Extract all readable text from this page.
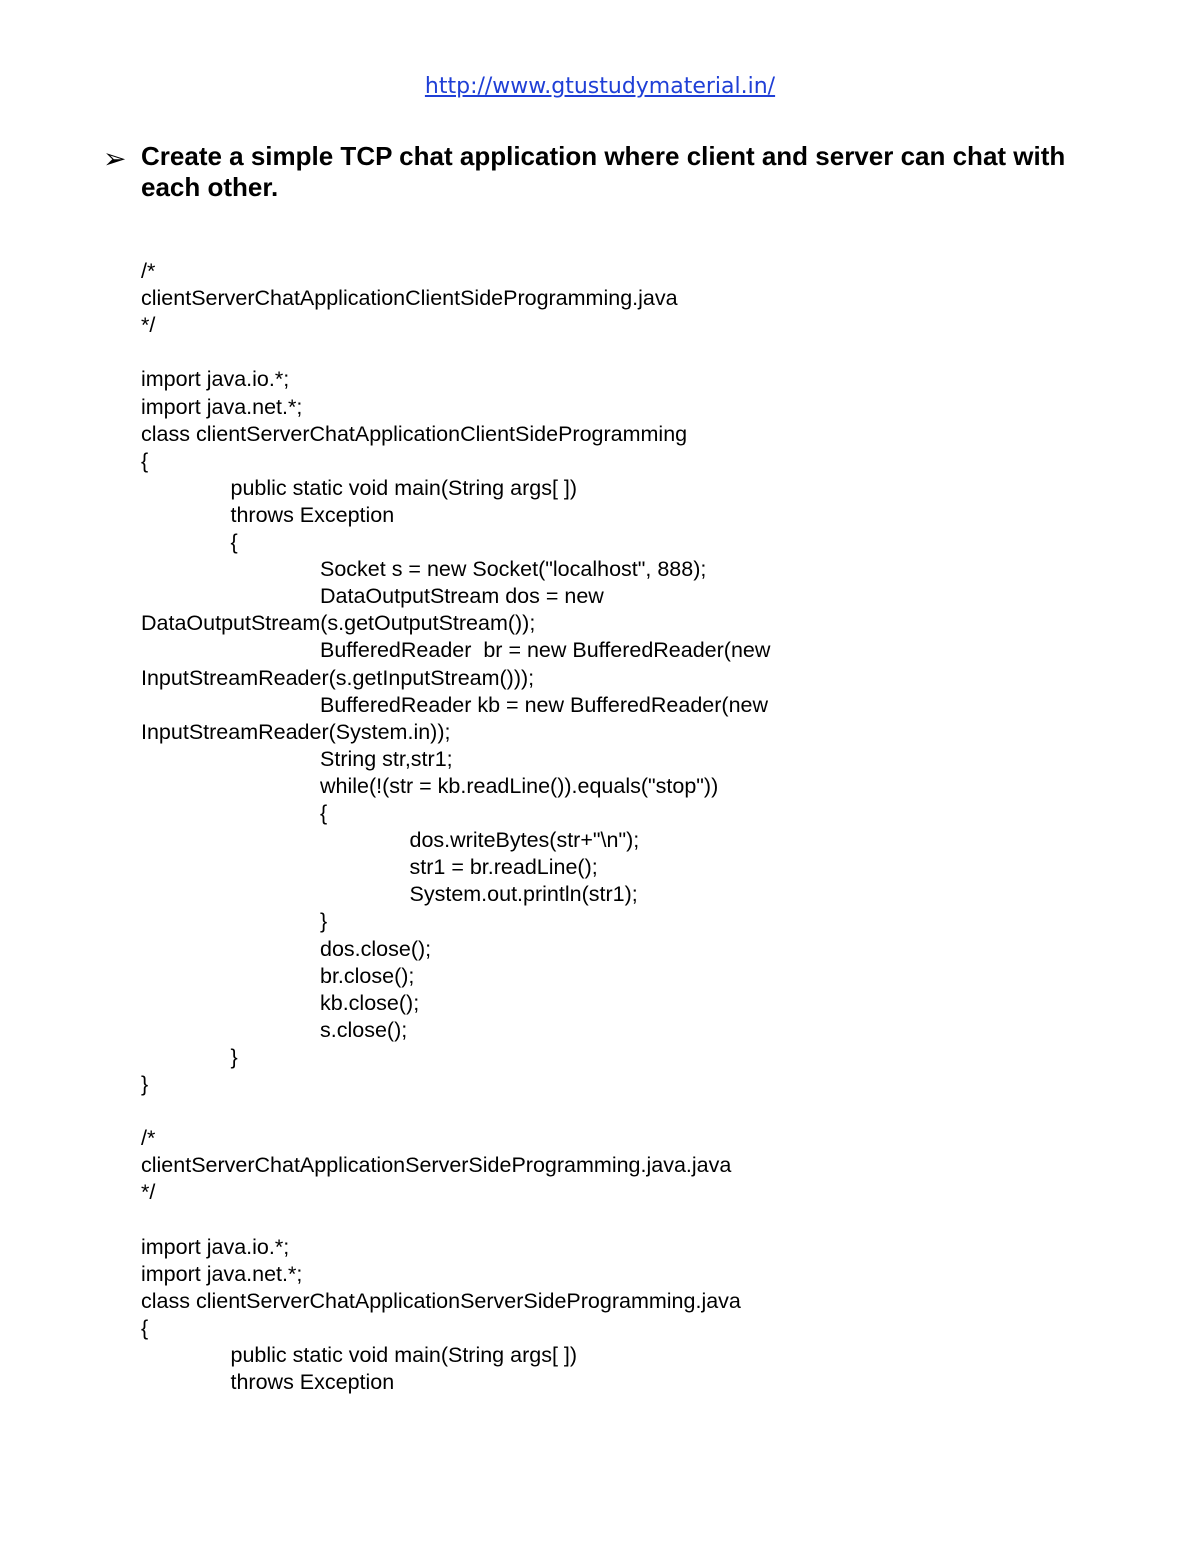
http://www.gtustudymaterial.in/
➢ Create a simple TCP chat application where client and server can chat with each other.
/*
clientServerChatApplicationClientSideProgramming.java
*/
import java.io.*;
import java.net.*;
class clientServerChatApplicationClientSideProgramming
{
public static void main(String args[ ])
throws Exception
{
Socket s = new Socket("localhost", 888);
DataOutputStream dos = new
DataOutputStream(s.getOutputStream());
BufferedReader  br = new BufferedReader(new
InputStreamReader(s.getInputStream()));
BufferedReader kb = new BufferedReader(new
InputStreamReader(System.in));
String str,str1;
while(!(str = kb.readLine()).equals("stop"))
{
dos.writeBytes(str+"\n");
str1 = br.readLine();
System.out.println(str1);
}
dos.close();
br.close();
kb.close();
s.close();
}
}
/*
clientServerChatApplicationServerSideProgramming.java.java
*/
import java.io.*;
import java.net.*;
class clientServerChatApplicationServerSideProgramming.java
{
public static void main(String args[ ])
throws Exception
